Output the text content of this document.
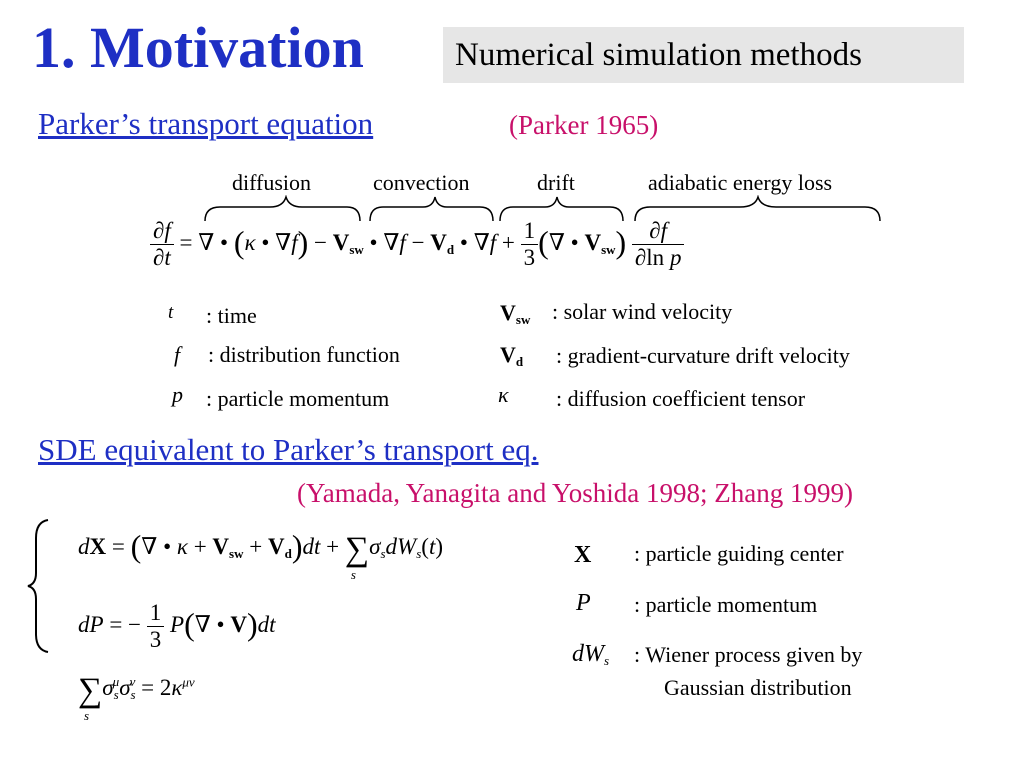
1. Motivation	Numerical simulation methods
Parker’s transport equation	(Parker 1965)
diffusion	convection	drift	adiabatic energy loss
$\frac{\partial f}{\partial t}$ = ∇ • (κ • $\nabla f) - V_{sw}$ • $\nabla f - V_d$ • $\nabla f + \frac{1}{3}$ (∇ • $V_{sw}) \frac{\partial f}{\text{∂ln p}}$
t : time
f : distribution function
p : particle momentum
$V_{sw}$ : solar wind velocity
$V_d$ : gradient-curvature drift velocity
κ : diffusion coefficient tensor
SDE equivalent to Parker’s transport eq.
(Yamada, Yanagita and Yoshida 1998; Zhang 1999)
dX = (∇ • $\kappa + V_{sw} + V_d)dt$ + ∑
s
$\sigma_sdW_s(t)$
dP = − $\frac{1}{3} P(\nabla$ • V)dt
∑
s
$\sigma_s^\mu\sigma_s^\nu = 2\kappa^{\mu\nu}$
X : particle guiding center
P : particle momentum
$dW_s$ : Wiener process given by
Gaussian distribution
